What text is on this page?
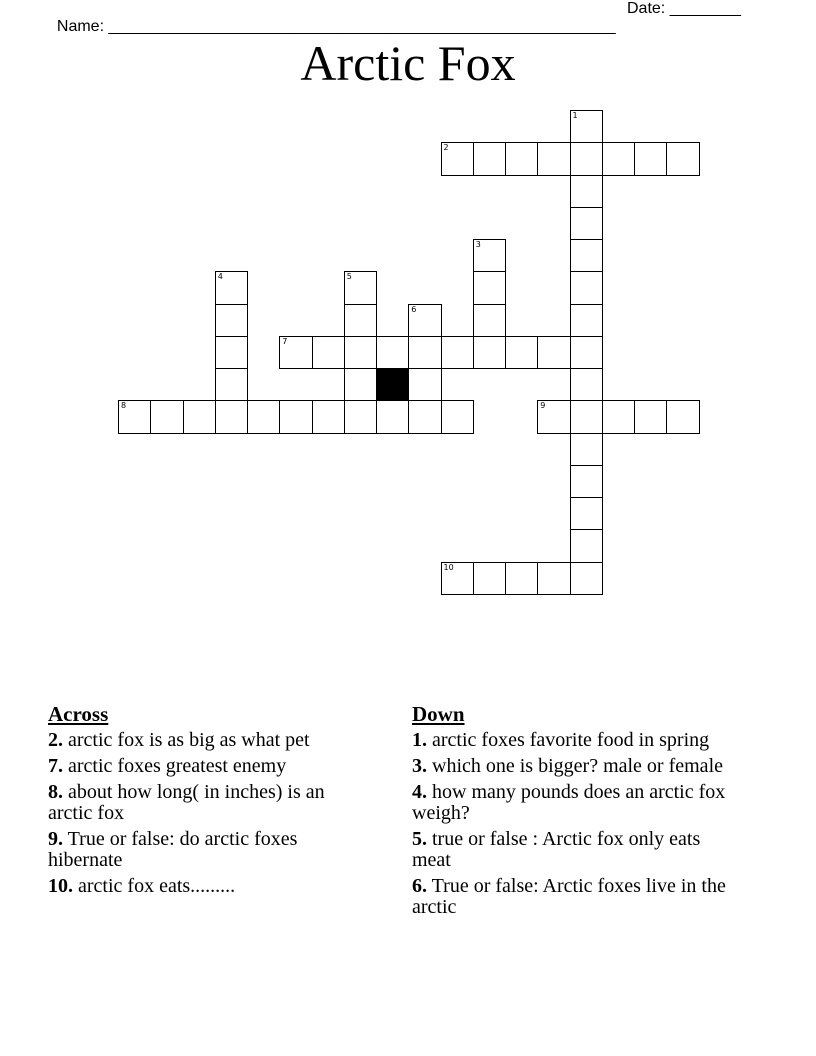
Name: _________________________________________________________

Date: ________

Arctic Fox
1
2
3
4	5
6
7
8	9
10
Across
2. arctic fox is as big as what pet
7. arctic foxes greatest enemy
8. about how long( in inches) is an arctic fox
9. True or false: do arctic foxes hibernate
10. arctic fox eats.........
Down
1. arctic foxes favorite food in spring
3. which one is bigger? male or female
4. how many pounds does an arctic fox weigh?
5. true or false : Arctic fox only eats meat
6. True or false: Arctic foxes live in the arctic
